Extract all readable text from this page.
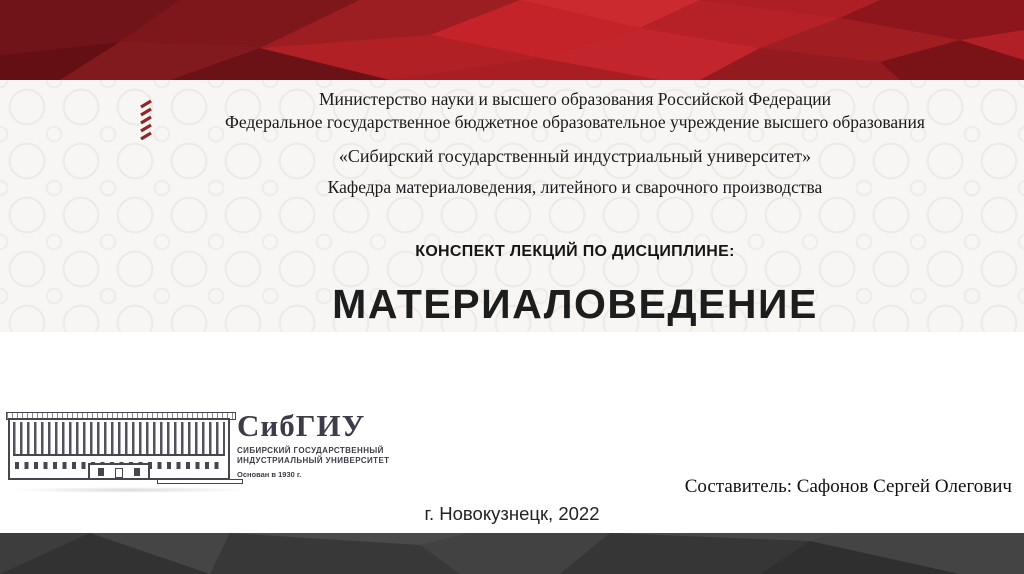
Министерство науки и высшего образования Российской Федерации
Федеральное государственное бюджетное образовательное учреждение высшего образования
«Сибирский государственный индустриальный университет»
Кафедра материаловедения, литейного и сварочного производства
КОНСПЕКТ ЛЕКЦИЙ ПО ДИСЦИПЛИНЕ:
МАТЕРИАЛОВЕДЕНИЕ
СибГИУ
СИБИРСКИЙ ГОСУДАРСТВЕННЫЙ
ИНДУСТРИАЛЬНЫЙ УНИВЕРСИТЕТ
Основан в 1930 г.
Составитель: Сафонов Сергей Олегович
г. Новокузнецк, 2022
